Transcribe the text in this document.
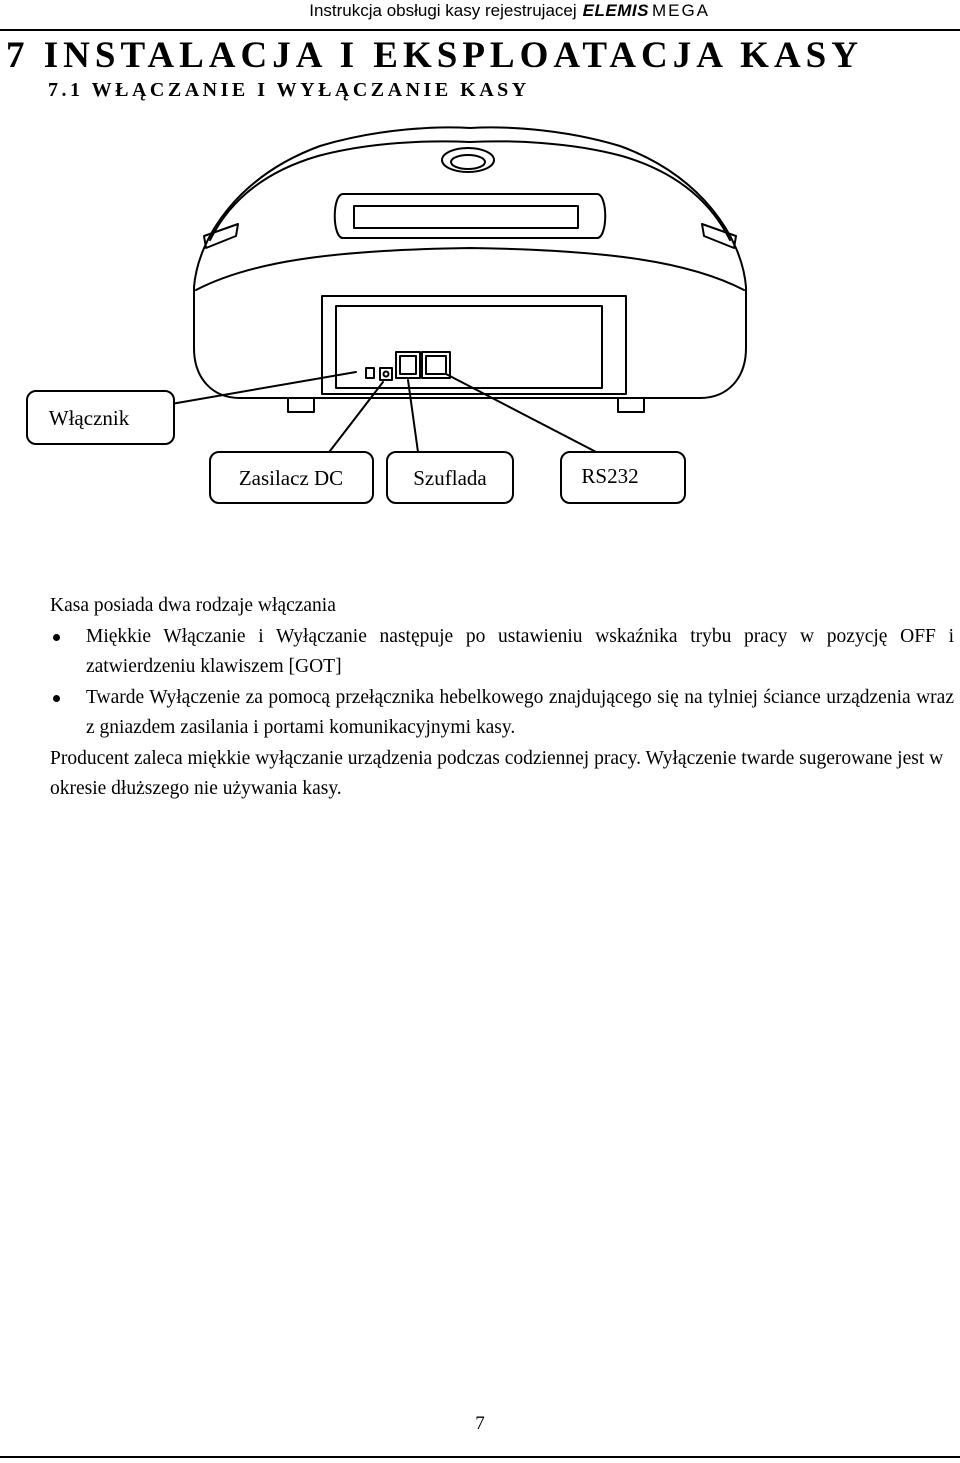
Instrukcja obsługi kasy rejestrujacej ELEMIS MEGA
7 INSTALACJA I EKSPLOATACJA KASY
7.1 WŁĄCZANIE I WYŁĄCZANIE KASY
Włącznik
Zasilacz DC	Szuflada	RS232

Kasa posiada dwa rodzaje włączania

Miękkie Włączanie i Wyłączanie następuje po ustawieniu wskaźnika trybu pracy w pozycję OFF i zatwierdzeniu klawiszem [GOT]
Twarde Wyłączenie za pomocą przełącznika hebelkowego znajdującego się na tylniej ściance urządzenia wraz z gniazdem zasilania i portami komunikacyjnymi kasy.

Producent zaleca miękkie wyłączanie urządzenia podczas codziennej pracy. Wyłączenie twarde sugerowane jest w okresie dłuższego nie używania kasy.

7
